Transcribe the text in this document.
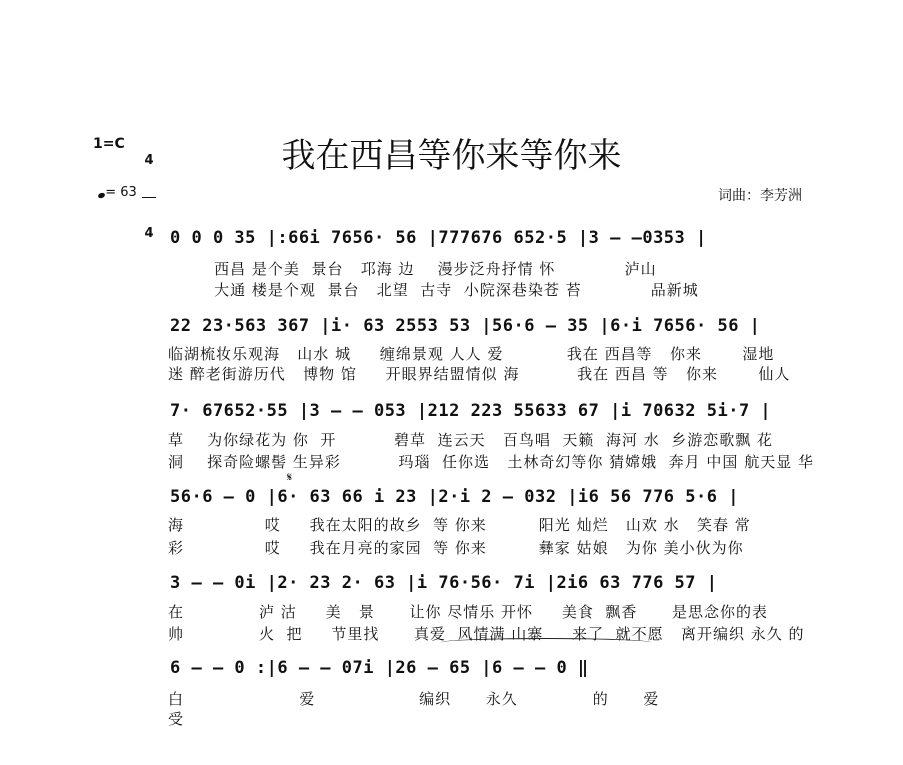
1=C

4

4

= 63

我在西昌等你来等你来
词曲：李芳洲
0 0 0 35 |:66i 7656· 56 |777676 652·5 |3 – –0353 |
西昌 是个美  景台   邛海 边    漫步泛舟抒情 怀            泸山
大通 楼是个观  景台   北望  古寺  小院深巷染苍 苔            品新城
22 23·563 367 |i· 63 2553 53 |56·6 – 35 |6·i 7656· 56 |
临湖梳妆乐观海   山水 城     缠绵景观 人人 爱           我在 西昌等   你来       湿地
迷 醉老街游历代   博物 馆     开眼界结盟情似 海          我在 西昌 等   你来       仙人
7· 67652·55 |3 – – 053 |212 223 55633 67 |i 70632 5i·7 |
草    为你绿花为 你  开          碧草  连云天   百鸟唱  天籁  海河 水  乡游恋歌飘 花
洞    探奇险螺髻 生异彩          玛瑙  任你选   土林奇幻等你 猜嫦娥  奔月 中国 航天显 华
𝄋
56·6 – 0 |6· 63 66 i 23 |2·i 2 – 032 |i6 56 776 5·6 |
海              哎     我在太阳的故乡  等 你来         阳光 灿烂   山欢 水   笑春 常
彩              哎     我在月亮的家园  等 你来         彝家 姑娘   为你 美小伙为你
3 – – 0i |2· 23 2· 63 |i 76·56· 7i |2i6 63 776 57 |
在             泸 沽     美   景      让你 尽情乐 开怀     美食  飘香      是思念你的表
帅             火  把     节里找      真爱  风情满 山寨     来了  就不愿   离开编织 永久 的
6 – – 0 :|6 – – 07i |26 – 65 |6 – – 0 ‖
白                    爱                  编织      永久             的      爱
受
